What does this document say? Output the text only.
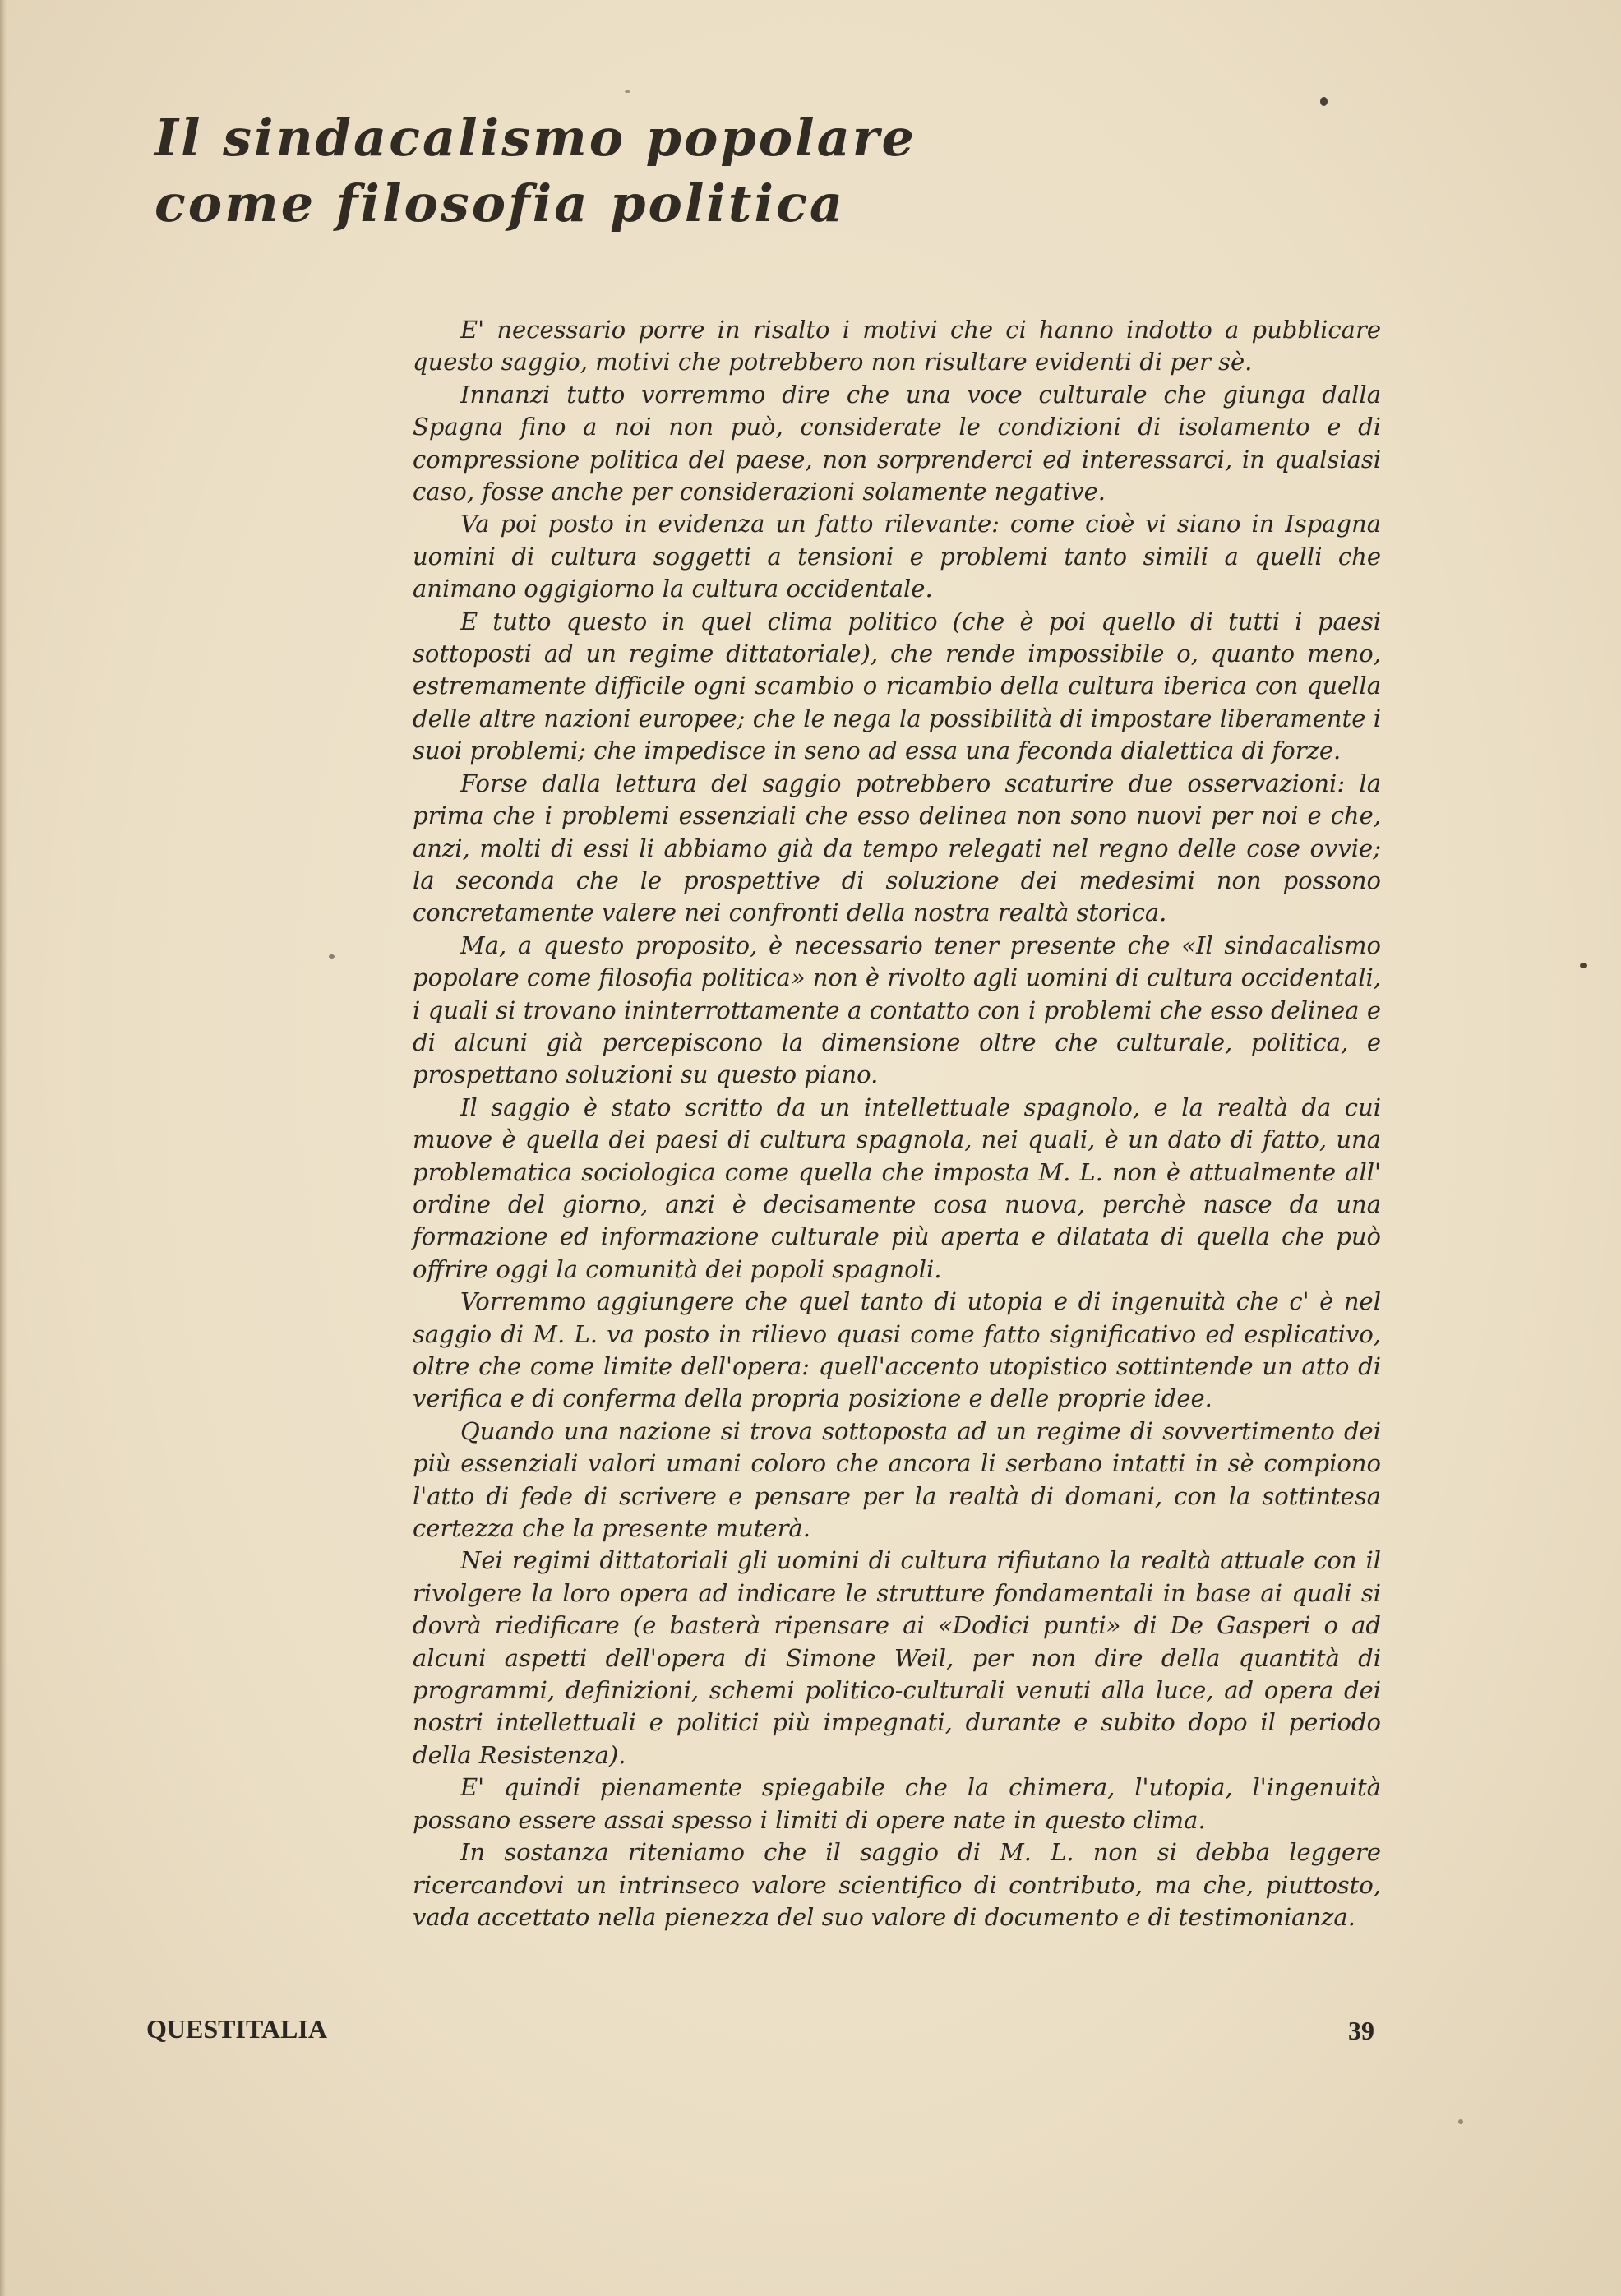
Il sindacalismo popolare
come filosofia politica

E' necessario porre in risalto i motivi che ci hanno indotto a pubblicare questo saggio, motivi che potrebbero non risultare evidenti di per sè.

Innanzi tutto vorremmo dire che una voce culturale che giunga dalla Spagna fino a noi non può, considerate le condizioni di isolamento e di compressione politica del paese, non sorprenderci ed interessarci, in qualsiasi caso, fosse anche per considerazioni solamente negative.

Va poi posto in evidenza un fatto rilevante: come cioè vi siano in Ispagna uomini di cultura soggetti a tensioni e problemi tanto simili a quelli che animano oggigiorno la cultura occidentale.

E tutto questo in quel clima politico (che è poi quello di tutti i paesi sottoposti ad un regime dittatoriale), che rende impossibile o, quanto meno, estremamente difficile ogni scambio o ricambio della cultura iberica con quella delle altre nazioni europee; che le nega la possibilità di impostare liberamente i suoi problemi; che impedisce in seno ad essa una feconda dialettica di forze.

Forse dalla lettura del saggio potrebbero scaturire due osservazioni: la prima che i problemi essenziali che esso delinea non sono nuovi per noi e che, anzi, molti di essi li abbiamo già da tempo relegati nel regno delle cose ovvie; la seconda che le prospettive di soluzione dei medesimi non possono concretamente valere nei confronti della nostra realtà storica.

Ma, a questo proposito, è necessario tener presente che «Il sindacalismo popolare come filosofia politica» non è rivolto agli uomini di cultura occidentali, i quali si trovano ininterrottamente a contatto con i problemi che esso delinea e di alcuni già percepiscono la dimensione oltre che culturale, politica, e prospettano soluzioni su questo piano.

Il saggio è stato scritto da un intellettuale spagnolo, e la realtà da cui muove è quella dei paesi di cultura spagnola, nei quali, è un dato di fatto, una problematica sociologica come quella che imposta M. L. non è attualmente all' ordine del giorno, anzi è decisamente cosa nuova, perchè nasce da una formazione ed informazione culturale più aperta e dilatata di quella che può offrire oggi la comunità dei popoli spagnoli.

Vorremmo aggiungere che quel tanto di utopia e di ingenuità che c' è nel saggio di M. L. va posto in rilievo quasi come fatto significativo ed esplicativo, oltre che come limite dell'opera: quell'accento utopistico sottintende un atto di verifica e di conferma della propria posizione e delle proprie idee.

Quando una nazione si trova sottoposta ad un regime di sovvertimento dei più essenziali valori umani coloro che ancora li serbano intatti in sè compiono l'atto di fede di scrivere e pensare per la realtà di domani, con la sottintesa certezza che la presente muterà.

Nei regimi dittatoriali gli uomini di cultura rifiutano la realtà attuale con il rivolgere la loro opera ad indicare le strutture fondamentali in base ai quali si dovrà riedificare (e basterà ripensare ai «Dodici punti» di De Gasperi o ad alcuni aspetti dell'opera di Simone Weil, per non dire della quantità di programmi, definizioni, schemi politico-culturali venuti alla luce, ad opera dei nostri intellettuali e politici più impegnati, durante e subito dopo il periodo della Resistenza).

E' quindi pienamente spiegabile che la chimera, l'utopia, l'ingenuità possano essere assai spesso i limiti di opere nate in questo clima.

In sostanza riteniamo che il saggio di M. L. non si debba leggere ricercandovi un intrinseco valore scientifico di contributo, ma che, piuttosto, vada accettato nella pienezza del suo valore di documento e di testimonianza.

QUESTITALIA	39
